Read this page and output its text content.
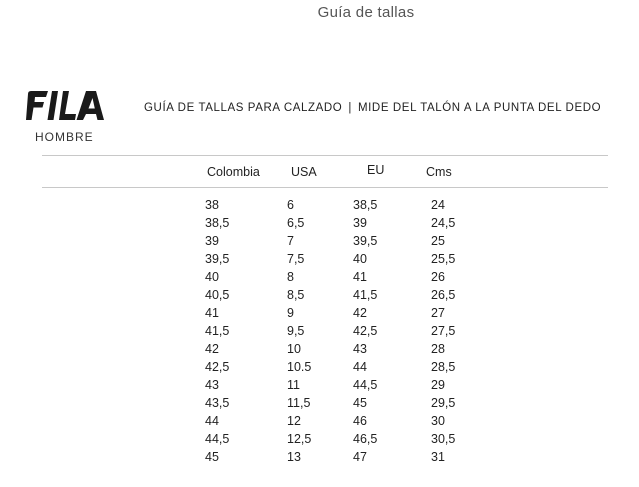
Guía de tallas
HOMBRE
GUÍA DE TALLAS PARA CALZADO | MIDE DEL TALÓN A LA PUNTA DEL DEDO
Colombia USA	EU	Cms
38
38,5
39
39,5
40
40,5
41
41,5
42
42,5
43
43,5
44
44,5
45
6
6,5
7
7,5
8
8,5
9
9,5
10
10.5
11
11,5
12
12,5
13
38,5
39
39,5
40
41
41,5
42
42,5
43
44
44,5
45
46
46,5
47
24
24,5
25
25,5
26
26,5
27
27,5
28
28,5
29
29,5
30
30,5
31
